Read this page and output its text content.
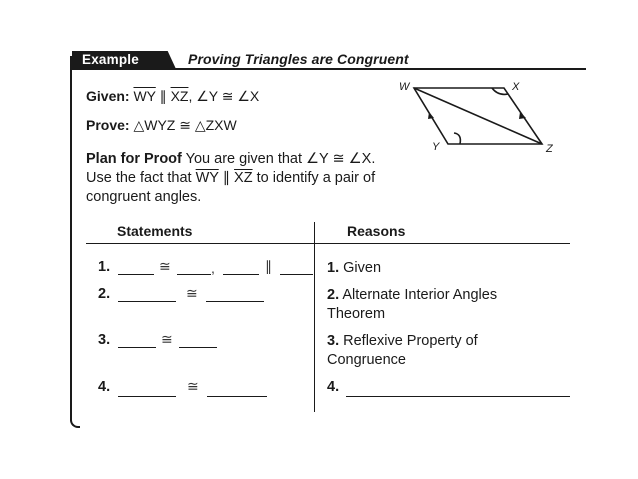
Example	Proving Triangles are Congruent
Given: $\overline{WY}$ ∥ $\overline{XZ}$, ∠Y ≅ ∠X
Prove: △WYZ ≅ △ZXW
Plan for Proof You are given that ∠Y ≅ ∠X. Use the fact that $\overline{WY}$ ∥ $\overline{XZ}$ to identify a pair of congruent angles.
W	X
Y	Z
Statements	Reasons
1.	≅	,	∥	1. Given
2.	≅	2. Alternate Interior Angles Theorem
3.	≅	3. Reflexive Property of Congruence
4.	≅	4.
